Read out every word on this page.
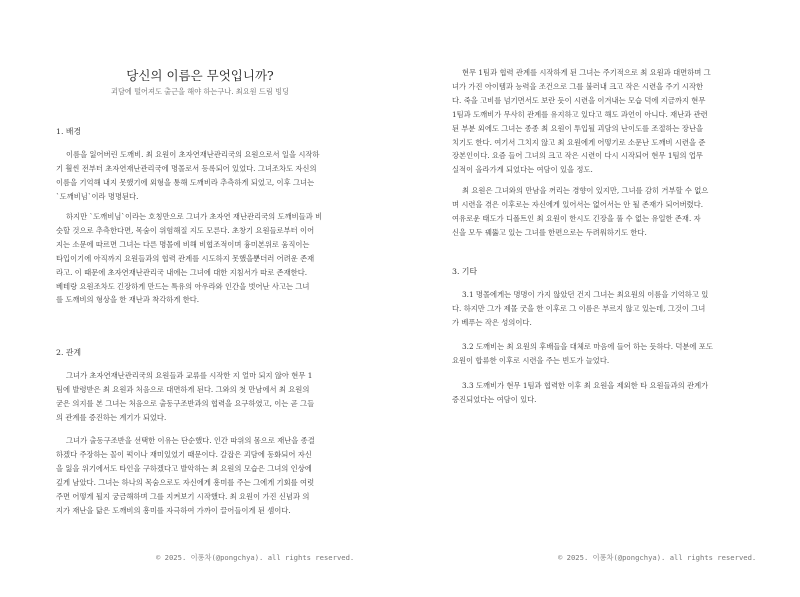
당신의 이름은 무엇입니까?

괴담에 떨어져도 출근을 해야 하는구나. 최요원 드림 빙딩

1. 배경
이름을 잃어버린 도깨비. 최 요원이 초자연재난관리국의 요원으로서 일을 시작하
기 훨씬 전부터 초자연재난관리국에 명몰로서 등록되어 있었다. 그녀조차도 자신의
이름을 기억해 내지 못했기에 외형을 통해 도깨비라 추측하게 되었고, 이후 그녀는
`도깨비님`이라 명명된다.
하지만 `도깨비님`이라는 호칭만으로 그녀가 초자연 재난관리국의 도깨비들과 비
슷할 것으로 추측한다면, 목숨이 위험해질 지도 모른다. 초창기 요원들로부터 이어
지는 소문에 따르면 그녀는 다른 명몰에 비해 비협조적이며 흉미본위로 움직이는
타입이기에 아직까지 요원들과의 협력 관계를 시도하지 못했을뿐더러 어려운 존재
라고. 이 때문에 초자연재난관리국 내에는 그녀에 대한 지침서가 따로 존재한다.
베테랑 요원조차도 긴장하게 만드는 특유의 아우라와 인간을 벗어난 사고는 그녀
를 도깨비의 형상을 한 재난과 착각하게 한다.
2. 관계
그녀가 초자연재난관리국의 요원들과 교류를 시작한 지 얼마 되지 않아 현무 1
팀에 발령받은 최 요원과 처음으로 대면하게 된다. 그와의 첫 만남에서 최 요원의
굳은 의지를 본 그녀는 처음으로 출동구조반과의 협력을 요구하였고, 이는 곧 그들
의 관계를 증진하는 계기가 되었다.
그녀가 출동구조반을 선택한 이유는 단순했다. 인간 따위의 몸으로 재난을 종결
하겠다 주장하는 꼴이 퍽이나 재미있었기 때문이다. 갈잡은 괴담에 동화되어 자신
을 잃을 위기에서도 타인을 구하겠다고 발악하는 최 요원의 모습은 그녀의 인상에
깊게 남았다. 그녀는 하나의 목숨으로도 자신에게 흥미를 주는 그에게 기회를 여럿
주면 어떻게 될지 궁금해하며 그를 지켜보기 시작했다. 최 요원이 가진 신념과 의
지가 재난을 닮은 도깨비의 흥미를 자극하여 가까이 끌어들이게 된 셈이다.

© 2025. 이퐁차(@pongchya). all rights reserved.

현무 1팀과 협력 관계를 시작하게 된 그녀는 주기적으로 최 요원과 대면하며 그
녀가 가진 아이템과 능력을 조건으로 그를 불러내 크고 작은 시련을 주기 시작한
다. 죽을 고비를 넘기면서도 보란 듯이 시련을 이겨내는 모습 덕에 지금까지 현무
1팀과 도깨비가 무사히 관계를 유지하고 있다고 해도 과언이 아니다. 재난과 관련
된 부분 외에도 그녀는 종종 최 요원이 투입될 괴담의 난이도를 조절하는 장난을
치기도 한다. 여기서 그치지 않고 최 요원에게 어떻기로 소문난 도깨비 시련을 준
장본인이다. 요즘 들어 그녀의 크고 작은 시련이 다시 시작되어 현무 1팀의 업무
실적이 올라가게 되었다는 여담이 있을 정도.
최 요원은 그녀와의 만남을 꺼리는 경향이 있지만, 그녀를 감히 거부할 수 없으
며 시련을 겪은 이후로는 자신에게 있어서는 없어서는 안 될 존재가 되어버렸다.
여유로운 태도가 디폴트인 최 요원이 한시도 긴장을 풀 수 없는 유일한 존재. 자
신을 모두 꿰뚫고 있는 그녀를 한편으로는 두려워하기도 한다.
3. 기타
3.1 명몰에게는 명명이 가지 않았던 건지 그녀는 최요원의 이름을 기억하고 있
다. 하지만 그가 제몰 굿을 한 이후로 그 이름은 부르지 않고 있는데, 그것이 그녀
가 베푸는 작은 성의이다.
3.2 도깨비는 최 요원의 후배들을 대체로 마음에 들어 하는 듯하다. 덕분에 포도
요원이 합류한 이후로 시련을 주는 빈도가 늘었다.
3.3 도깨비가 현무 1팀과 협력한 이후 최 요원을 제외한 타 요원들과의 관계가
증진되었다는 여담이 있다.

© 2025. 이퐁차(@pongchya). all rights reserved.
